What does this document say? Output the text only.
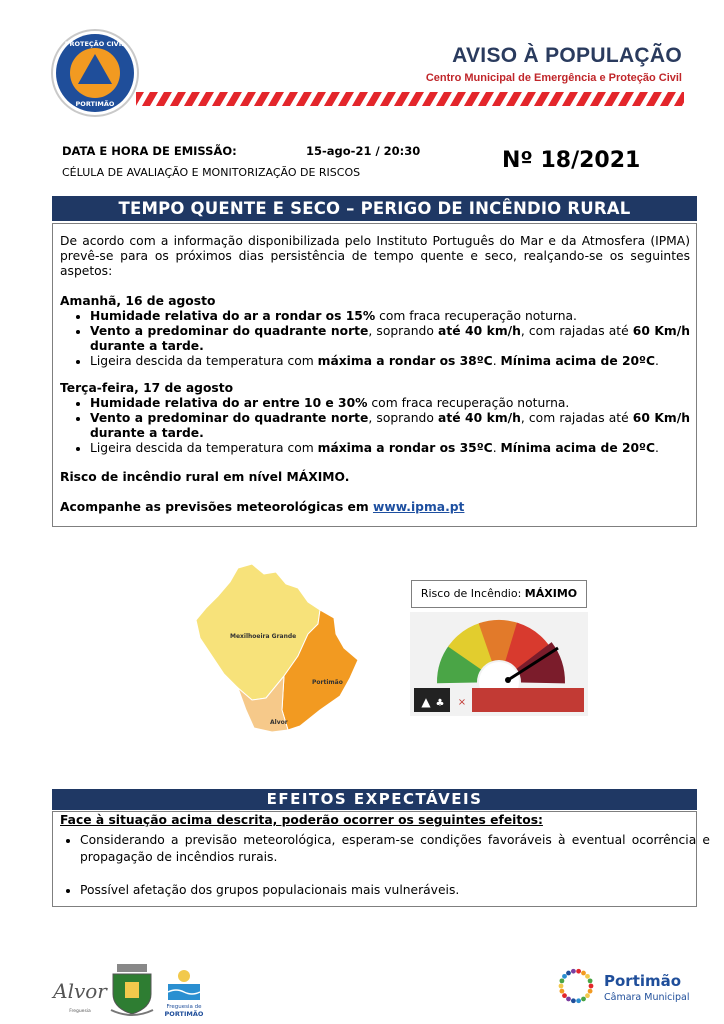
PROTEÇÃO CIVIL
PORTIMÃO
AVISO À POPULAÇÃO
Centro Municipal de Emergência e Proteção Civil
DATA E HORA DE EMISSÃO:	15-ago-21 / 20:30
CÉLULA DE AVALIAÇÃO E MONITORIZAÇÃO DE RISCOS	Nº 18/2021
TEMPO QUENTE E SECO – PERIGO DE INCÊNDIO RURAL

De acordo com a informação disponibilizada pelo Instituto Português do Mar e da Atmosfera (IPMA) prevê-se para os próximos dias persistência de tempo quente e seco, realçando-se os seguintes aspetos:

Amanhã, 16 de agosto
• Humidade relativa do ar a rondar os 15% com fraca recuperação noturna.
• Vento a predominar do quadrante norte, soprando até 40 km/h, com rajadas até 60 Km/h durante a tarde.
• Ligeira descida da temperatura com máxima a rondar os 38ºC. Mínima acima de 20ºC.
Terça-feira, 17 de agosto
• Humidade relativa do ar entre 10 e 30% com fraca recuperação noturna.
• Vento a predominar do quadrante norte, soprando até 40 km/h, com rajadas até 60 Km/h durante a tarde.
• Ligeira descida da temperatura com máxima a rondar os 35ºC. Mínima acima de 20ºC.
Risco de incêndio rural em nível MÁXIMO.
Acompanhe as previsões meteorológicas em www.ipma.pt
Mexilhoeira Grande
Portimão
Alvor
Risco de Incêndio: MÁXIMO
×
▲ ♣
EFEITOS EXPECTÁVEIS
Face à situação acima descrita, poderão ocorrer os seguintes efeitos:
• Considerando a previsão meteorológica, esperam-se condições favoráveis à eventual ocorrência e propagação de incêndios rurais.
• Possível afetação dos grupos populacionais mais vulneráveis.
Alvor
Freguesia
Freguesia de
PORTIMÃO
Portimão
Câmara Municipal
